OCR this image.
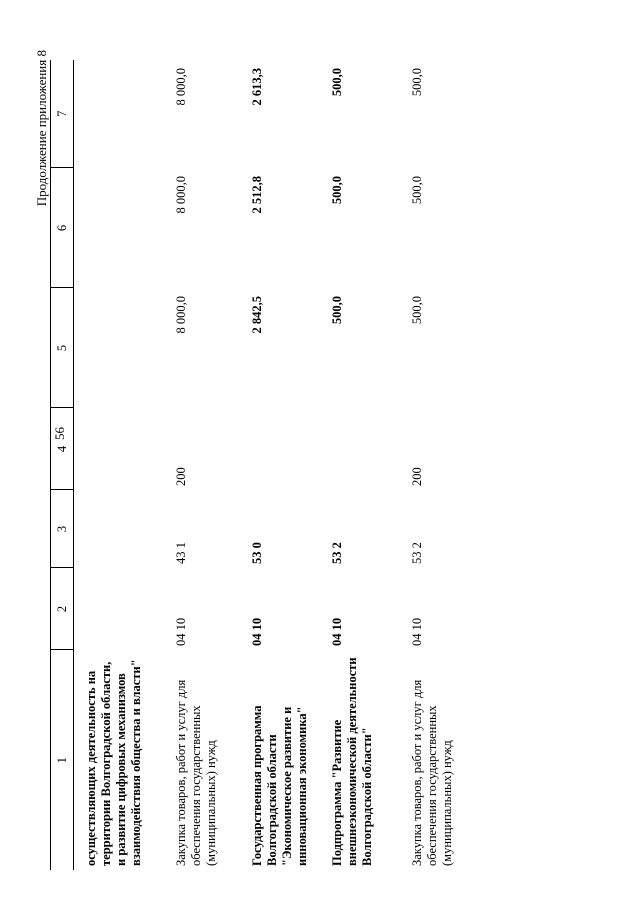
56
Продолжение приложения 8
1	2	3	4	5	6	7
осуществляющих деятельность на территории Волгоградской области, и развитие цифровых механизмов взаимодействия общества и власти"						
Закупка товаров, работ и услуг для обеспечения государственных (муниципальных) нужд	04 10	43 1	200	8 000,0	8 000,0	8 000,0
Государственная программа Волгоградской области "Экономическое развитие и инновационная экономика"	04 10	53 0		2 842,5	2 512,8	2 613,3
Подпрограмма "Развитие внешнеэкономической деятельности Волгоградской области"	04 10	53 2		500,0	500,0	500,0
Закупка товаров, работ и услуг для обеспечения государственных (муниципальных) нужд	04 10	53 2	200	500,0	500,0	500,0
